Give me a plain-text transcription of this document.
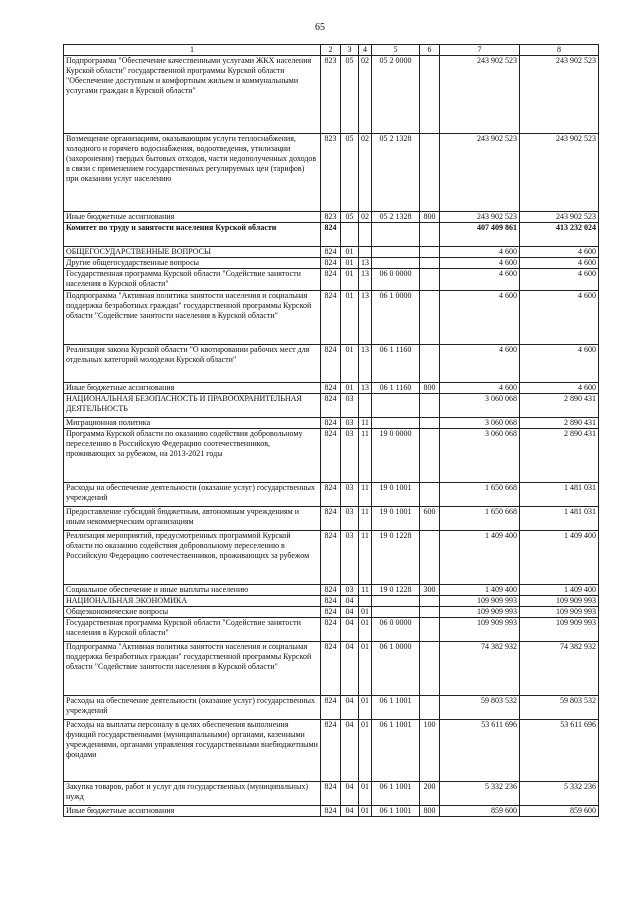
65
1	2	3	4	5	6	7	8
Подпрограмма "Обеспечение качественными услугами ЖКХ населения Курской области" государственной программы Курской области "Обеспечение доступным и комфортным жильем и коммунальными услугами граждан в Курской области"	823	05	02	05 2 0000		243 902 523	243 902 523
Возмещение организациям, оказывающим услуги теплоснабжения, холодного и горячего водоснабжения, водоотведения, утилизации (захоронения) твердых бытовых отходов, части недополученных доходов в связи с применением государственных регулируемых цен (тарифов) при оказании услуг населению	823	05	02	05 2 1328		243 902 523	243 902 523
Иные бюджетные ассигнования	823	05	02	05 2 1328	800	243 902 523	243 902 523
Комитет по труду и занятости населения Курской области	824					407 409 861	413 232 024
ОБЩЕГОСУДАРСТВЕННЫЕ ВОПРОСЫ	824	01				4 600	4 600
Другие общегосударственные вопросы	824	01	13			4 600	4 600
Государственная программа Курской области "Содействие занятости населения в Курской области"	824	01	13	06 0 0000		4 600	4 600
Подпрограмма "Активная политика занятости населения и социальная поддержка безработных граждан" государственной программы Курской области "Содействие занятости населения в Курской области"	824	01	13	06 1 0000		4 600	4 600
Реализация закона Курской области "О квотировании рабочих мест для отдельных категорий молодежи Курской области"	824	01	13	06 1 1160		4 600	4 600
Иные бюджетные ассигнования	824	01	13	06 1 1160	800	4 600	4 600
НАЦИОНАЛЬНАЯ БЕЗОПАСНОСТЬ И ПРАВООХРАНИТЕЛЬНАЯ ДЕЯТЕЛЬНОСТЬ	824	03				3 060 068	2 890 431
Миграционная политика	824	03	11			3 060 068	2 890 431
Программа Курской области по оказанию содействия добровольному переселению в Российскую Федерацию соотечественников, проживающих за рубежом, на 2013-2021 годы	824	03	11	19 0 0000		3 060 068	2 890 431
Расходы на обеспечение деятельности (оказание услуг) государственных учреждений	824	03	11	19 0 1001		1 650 668	1 481 031
Предоставление субсидий бюджетным, автономным учреждениям и иным некоммерческим организациям	824	03	11	19 0 1001	600	1 650 668	1 481 031
Реализация мероприятий, предусмотренных программой Курской области по оказанию содействия добровольному переселению в Российскую Федерацию соотечественников, проживающих за рубежом	824	03	11	19 0 1228		1 409 400	1 409 400
Социальное обеспечение и иные выплаты населению	824	03	11	19 0 1228	300	1 409 400	1 409 400
НАЦИОНАЛЬНАЯ ЭКОНОМИКА	824	04				109 909 993	109 909 993
Общеэкономические вопросы	824	04	01			109 909 993	109 909 993
Государственная программа Курской области "Содействие занятости населения в Курской области"	824	04	01	06 0 0000		109 909 993	109 909 993
Подпрограмма "Активная политика занятости населения и социальная поддержка безработных граждан" государственной программы Курской области "Содействие занятости населения в Курской области"	824	04	01	06 1 0000		74 382 932	74 382 932
Расходы на обеспечение деятельности (оказание услуг) государственных учреждений	824	04	01	06 1 1001		59 803 532	59 803 532
Расходы на выплаты персоналу в целях обеспечения выполнения функций государственными (муниципальными) органами, казенными учреждениями, органами управления государственными внебюджетными фондами	824	04	01	06 1 1001	100	53 611 696	53 611 696
Закупка товаров, работ и услуг для государственных (муниципальных) нужд	824	04	01	06 1 1001	200	5 332 236	5 332 236
Иные бюджетные ассигнования	824	04	01	06 1 1001	800	859 600	859 600
